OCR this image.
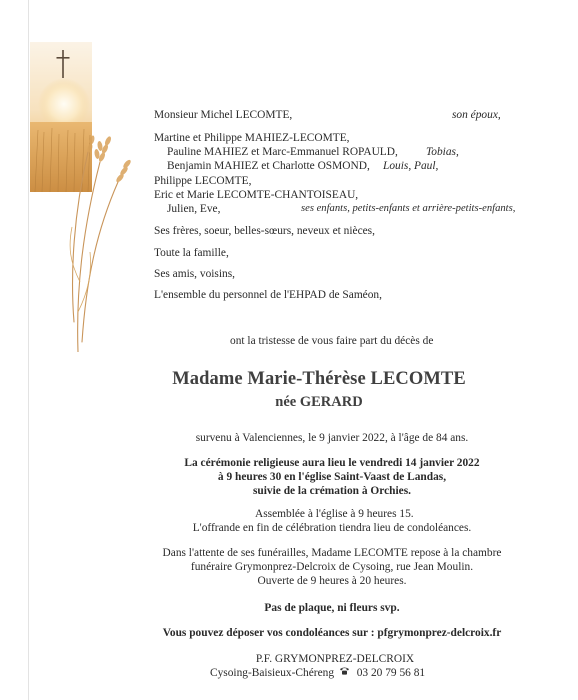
Monsieur Michel LECOMTE,	son époux,
Martine et Philippe MAHIEZ-LECOMTE,
Pauline MAHIEZ et Marc-Emmanuel ROPAULD, Tobias,
Benjamin MAHIEZ et Charlotte OSMOND, Louis, Paul,
Philippe LECOMTE,
Eric et Marie LECOMTE-CHANTOISEAU,
Julien, Eve,	ses enfants, petits-enfants et arrière-petits-enfants,
Ses frères, soeur, belles-sœurs, neveux et nièces,
Toute la famille,
Ses amis, voisins,
L'ensemble du personnel de l'EHPAD de Saméon,
ont la tristesse de vous faire part du décès de
Madame Marie-Thérèse LECOMTE
née GERARD
survenu à Valenciennes, le 9 janvier 2022, à l'âge de 84 ans.
La cérémonie religieuse aura lieu le vendredi 14 janvier 2022
à 9 heures 30 en l'église Saint-Vaast de Landas,
suivie de la crémation à Orchies.
Assemblée à l'église à 9 heures 15.
L'offrande en fin de célébration tiendra lieu de condoléances.
Dans l'attente de ses funérailles, Madame LECOMTE repose à la chambre
funéraire Grymonprez-Delcroix de Cysoing, rue Jean Moulin.
Ouverte de 9 heures à 20 heures.
Pas de plaque, ni fleurs svp.
Vous pouvez déposer vos condoléances sur : pfgrymonprez-delcroix.fr
P.F. GRYMONPREZ-DELCROIX
Cysoing-Baisieux-Chéreng 03 20 79 56 81
